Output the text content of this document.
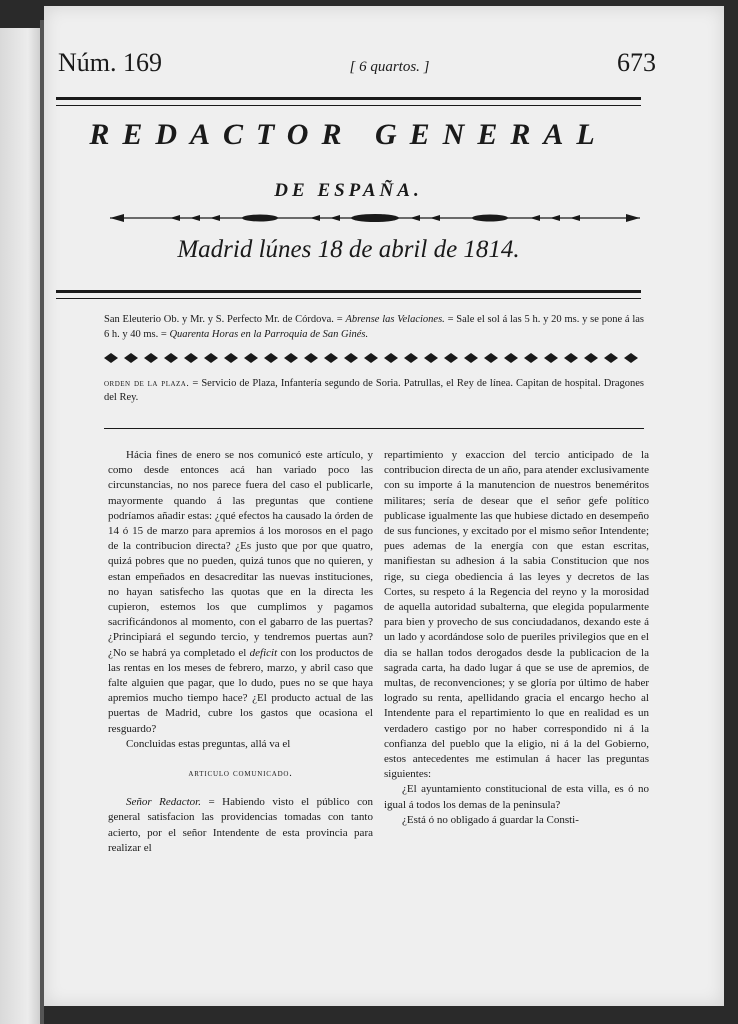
Núm. 169	[ 6 quartos. ]	673
REDACTOR GENERAL
DE ESPAÑA.
Madrid lúnes 18 de abril de 1814.
San Eleuterio Ob. y Mr. y S. Perfecto Mr. de Córdova. = Abrense las Velaciones. = Sale el sol á las 5 h. y 20 ms. y se pone á las 6 h. y 40 ms. = Quarenta Horas en la Parroquia de San Ginés.
orden de la plaza. = Servicio de Plaza, Infantería segundo de Soria. Patrullas, el Rey de línea. Capitan de hospital. Dragones del Rey.

Hácia fines de enero se nos comunicó este artículo, y como desde entonces acá han variado poco las circunstancias, no nos parece fuera del caso el publicarle, mayormente quando á las preguntas que contiene podríamos añadir estas: ¿qué efectos ha causado la órden de 14 ó 15 de marzo para apremios á los morosos en el pago de la contribucion directa? ¿Es justo que por que quatro, quizá pobres que no pueden, quizá tunos que no quieren, y estan empeñados en desacreditar las nuevas instituciones, no hayan satisfecho las quotas que en la directa les cupieron, estemos los que cumplimos y pagamos sacrificándonos al momento, con el gabarro de las puertas? ¿Principiará el segundo tercio, y tendremos puertas aun? ¿No se habrá ya completado el deficit con los productos de las rentas en los meses de febrero, marzo, y abril caso que falte alguien que pagar, que lo dudo, pues no se que haya apremios mucho tiempo hace? ¿El producto actual de las puertas de Madrid, cubre los gastos que ocasiona el resguardo?

Concluidas estas preguntas, allá va el

articulo comunicado.

Señor Redactor. = Habiendo visto el público con general satisfacion las providencias tomadas con tanto acierto, por el señor Intendente de esta provincia para realizar el

repartimiento y exaccion del tercio anticipado de la contribucion directa de un año, para atender exclusivamente con su importe á la manutencion de nuestros beneméritos militares; sería de desear que el señor gefe político publicase igualmente las que hubiese dictado en desempeño de sus funciones, y excitado por el mismo señor Intendente; pues ademas de la energía con que estan escritas, manifiestan su adhesion á la sabia Constitucion que nos rige, su ciega obediencia á las leyes y decretos de las Cortes, su respeto á la Regencia del reyno y la morosidad de aquella autoridad subalterna, que elegida popularmente para bien y provecho de sus conciudadanos, dexando este á un lado y acordándose solo de pueriles privilegios que en el dia se hallan todos derogados desde la publicacion de la sagrada carta, ha dado lugar á que se use de apremios, de multas, de reconvenciones; y se gloría por último de haber logrado su renta, apellidando gracia el encargo hecho al Intendente para el repartimiento lo que en realidad es un verdadero castigo por no haber correspondido ni á la confianza del pueblo que la eligio, ni á la del Gobierno, estos antecedentes me estimulan á hacer las preguntas siguientes:

¿El ayuntamiento constitucional de esta villa, es ó no igual á todos los demas de la peninsula?

¿Está ó no obligado á guardar la Consti-
